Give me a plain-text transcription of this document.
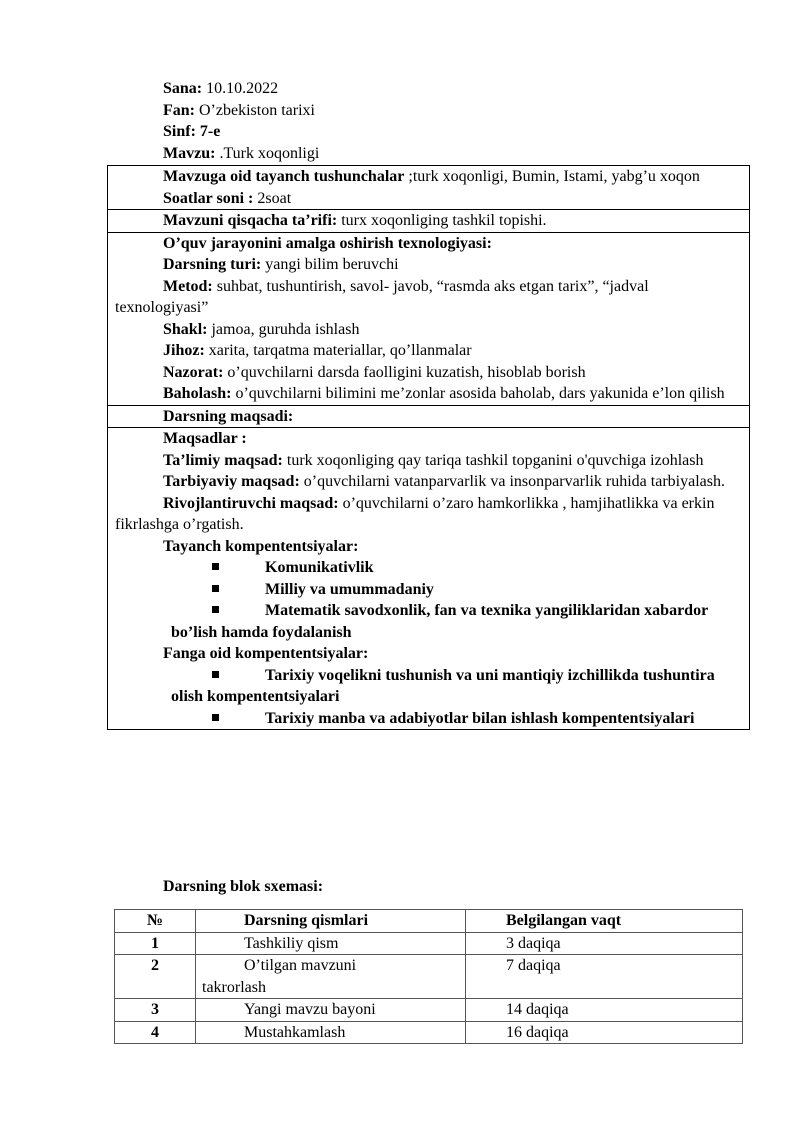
Sana: 10.10.2022
Fan: O’zbekiston tarixi
Sinf: 7-e
Mavzu: .Turk xoqonligi
Mavzuga oid tayanch tushunchalar ;turk xoqonligi, Bumin, Istami, yabg’u xoqon
Soatlar soni : 2soat
Mavzuni qisqacha ta’rifi: turx xoqonliging tashkil topishi.
O’quv jarayonini amalga oshirish texnologiyasi:
Darsning turi: yangi bilim beruvchi
Metod: suhbat, tushuntirish, savol- javob, “rasmda aks etgan tarix”, “jadval texnologiyasi”
Shakl: jamoa, guruhda ishlash
Jihoz: xarita, tarqatma materiallar, qo’llanmalar
Nazorat: o’quvchilarni darsda faolligini kuzatish, hisoblab borish
Baholash: o’quvchilarni bilimini me’zonlar asosida baholab, dars yakunida e’lon qilish
Darsning maqsadi:
Maqsadlar :
Ta’limiy maqsad: turk xoqonliging qay tariqa tashkil topganini o'quvchiga izohlash
Tarbiyaviy maqsad: o’quvchilarni vatanparvarlik va insonparvarlik ruhida tarbiyalash.
Rivojlantiruvchi maqsad: o’quvchilarni o’zaro hamkorlikka , hamjihatlikka va erkin fikrlashga o’rgatish.
Tayanch kompententsiyalar:
Komunikativlik
Milliy va umummadaniy
Matematik savodxonlik, fan va texnika yangiliklaridan xabardor bo’lish hamda foydalanish
Fanga oid kompententsiyalar:
Tarixiy voqelikni tushunish va uni mantiqiy izchillikda tushuntira olish kompententsiyalari
Tarixiy manba va adabiyotlar bilan ishlash kompententsiyalari
Darsning blok sxemasi:
№	Darsning qismlari	Belgilangan vaqt
1	Tashkiliy qism	3 daqiqa
2	O’tilgan mavzuni takrorlash	7 daqiqa
3	Yangi mavzu bayoni	14 daqiqa
4	Mustahkamlash	16 daqiqa
